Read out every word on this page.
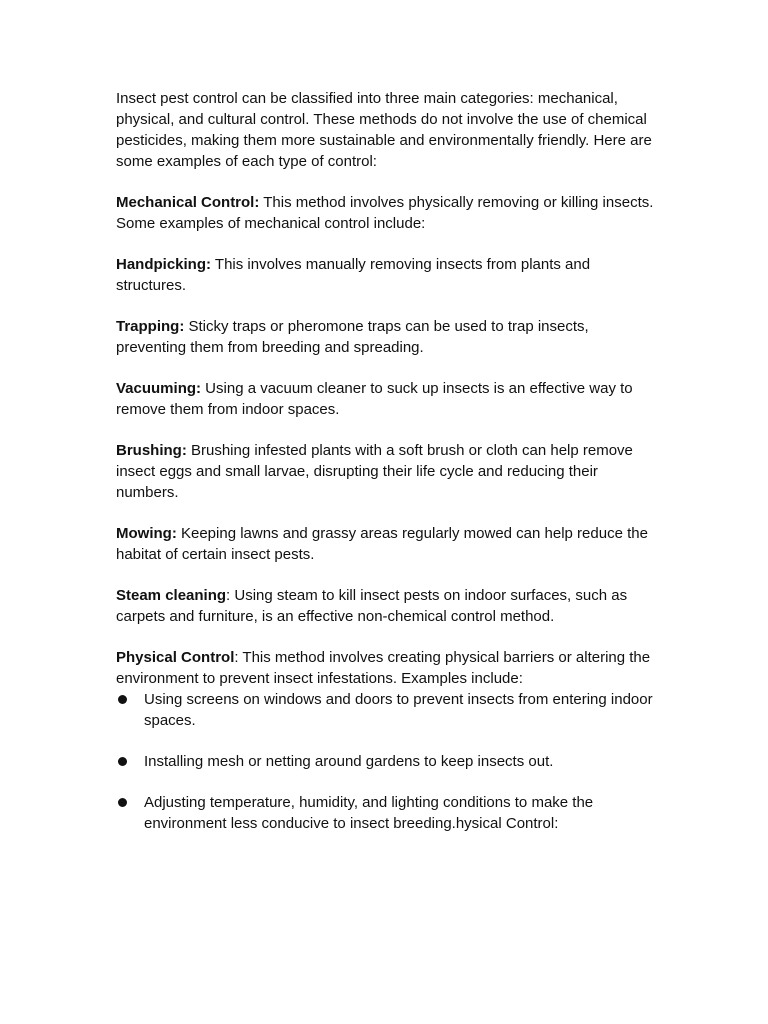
Insect pest control can be classified into three main categories: mechanical, physical, and cultural control. These methods do not involve the use of chemical pesticides, making them more sustainable and environmentally friendly. Here are some examples of each type of control:

Mechanical Control: This method involves physically removing or killing insects. Some examples of mechanical control include:

Handpicking: This involves manually removing insects from plants and structures.

Trapping: Sticky traps or pheromone traps can be used to trap insects, preventing them from breeding and spreading.

Vacuuming: Using a vacuum cleaner to suck up insects is an effective way to remove them from indoor spaces.

Brushing: Brushing infested plants with a soft brush or cloth can help remove insect eggs and small larvae, disrupting their life cycle and reducing their numbers.

Mowing: Keeping lawns and grassy areas regularly mowed can help reduce the habitat of certain insect pests.

Steam cleaning: Using steam to kill insect pests on indoor surfaces, such as carpets and furniture, is an effective non-chemical control method.

Physical Control: This method involves creating physical barriers or altering the environment to prevent insect infestations. Examples include:

Using screens on windows and doors to prevent insects from entering indoor spaces.
Installing mesh or netting around gardens to keep insects out.
Adjusting temperature, humidity, and lighting conditions to make the environment less conducive to insect breeding.hysical Control:
